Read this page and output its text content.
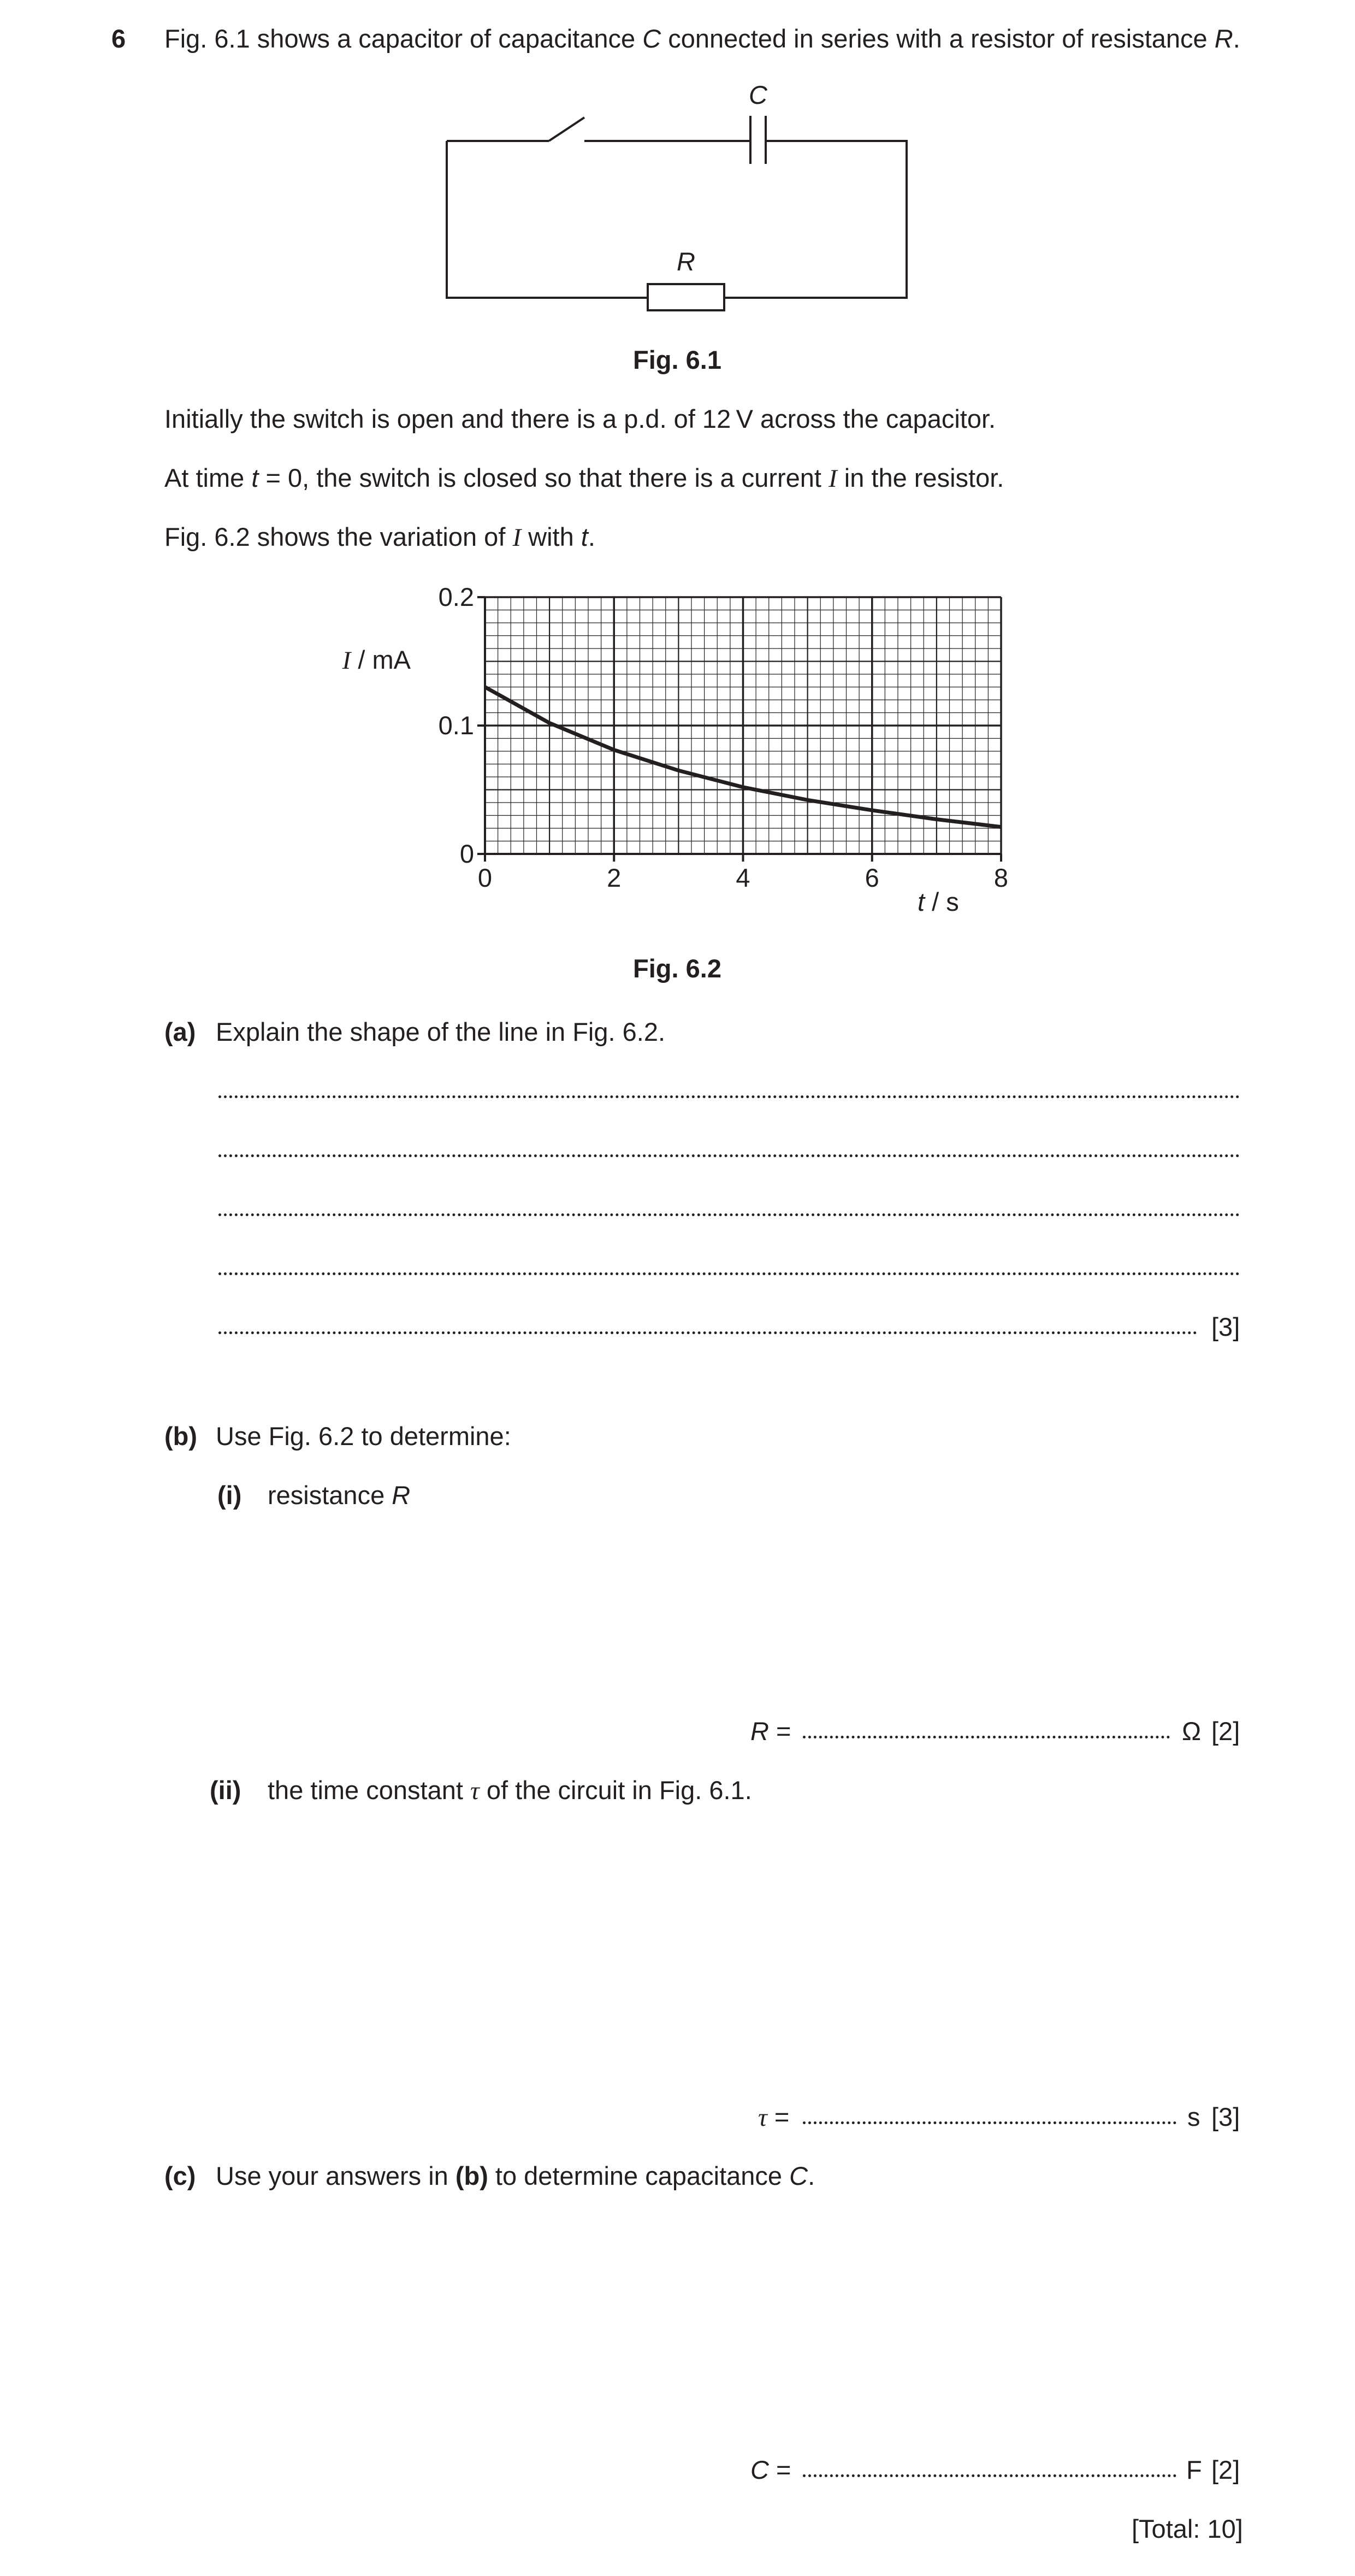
6 Fig. 6.1 shows a capacitor of capacitance C connected in series with a resistor of resistance R.
C
R
Fig. 6.1
Initially the switch is open and there is a p.d. of 12 V across the capacitor.
At time t = 0, the switch is closed so that there is a current I in the resistor.
Fig. 6.2 shows the variation of I with t.
0	2	4	6	8
0
0.1
0.2
I / mA
t / s
Fig. 6.2
(a) Explain the shape of the line in Fig. 6.2.
[3]
(b) Use Fig. 6.2 to determine:
(i) resistance R
R =	Ω [2]
(ii) the time constant τ of the circuit in Fig. 6.1.
τ =	s [3]
(c) Use your answers in (b) to determine capacitance C.
C =	F [2]
[Total: 10]
